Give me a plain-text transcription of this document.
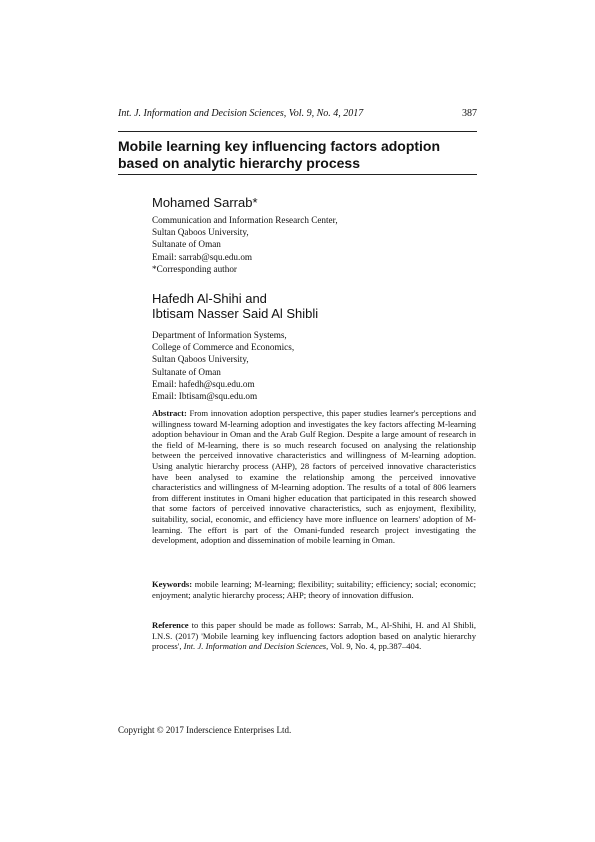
Int. J. Information and Decision Sciences, Vol. 9, No. 4, 2017	387
Mobile learning key influencing factors adoption
based on analytic hierarchy process
Mohamed Sarrab*
Communication and Information Research Center,
Sultan Qaboos University,
Sultanate of Oman
Email: sarrab@squ.edu.om
*Corresponding author
Hafedh Al-Shihi and
Ibtisam Nasser Said Al Shibli
Department of Information Systems,
College of Commerce and Economics,
Sultan Qaboos University,
Sultanate of Oman
Email: hafedh@squ.edu.om
Email: Ibtisam@squ.edu.om
Abstract: From innovation adoption perspective, this paper studies learner's perceptions and willingness toward M-learning adoption and investigates the key factors affecting M-learning adoption behaviour in Oman and the Arab Gulf Region. Despite a large amount of research in the field of M-learning, there is so much research focused on analysing the relationship between the perceived innovative characteristics and willingness of M-learning adoption. Using analytic hierarchy process (AHP), 28 factors of perceived innovative characteristics have been analysed to examine the relationship among the perceived innovative characteristics and willingness of M-learning adoption. The results of a total of 806 learners from different institutes in Omani higher education that participated in this research showed that some factors of perceived innovative characteristics, such as enjoyment, flexibility, suitability, social, economic, and efficiency have more influence on learners' adoption of M-learning. The effort is part of the Omani-funded research project investigating the development, adoption and dissemination of mobile learning in Oman.
Keywords: mobile learning; M-learning; flexibility; suitability; efficiency; social; economic; enjoyment; analytic hierarchy process; AHP; theory of innovation diffusion.
Reference to this paper should be made as follows: Sarrab, M., Al-Shihi, H. and Al Shibli, I.N.S. (2017) 'Mobile learning key influencing factors adoption based on analytic hierarchy process', Int. J. Information and Decision Sciences, Vol. 9, No. 4, pp.387–404.
Copyright © 2017 Inderscience Enterprises Ltd.
